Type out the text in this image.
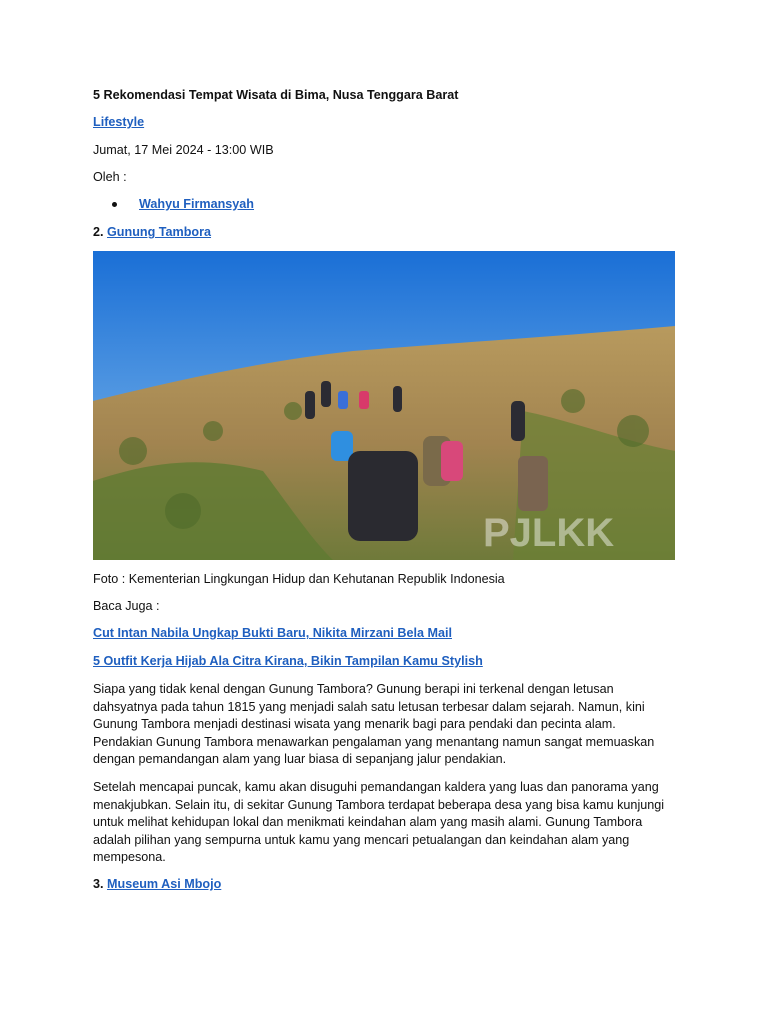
5 Rekomendasi Tempat Wisata di Bima, Nusa Tenggara Barat
Lifestyle
Jumat, 17 Mei 2024 - 13:00 WIB
Oleh :
Wahyu Firmansyah
2. Gunung Tambora
PJLKK
Foto : Kementerian Lingkungan Hidup dan Kehutanan Republik Indonesia
Baca Juga :
Cut Intan Nabila Ungkap Bukti Baru, Nikita Mirzani Bela Mail
5 Outfit Kerja Hijab Ala Citra Kirana, Bikin Tampilan Kamu Stylish
Siapa yang tidak kenal dengan Gunung Tambora? Gunung berapi ini terkenal dengan letusan dahsyatnya pada tahun 1815 yang menjadi salah satu letusan terbesar dalam sejarah. Namun, kini Gunung Tambora menjadi destinasi wisata yang menarik bagi para pendaki dan pecinta alam. Pendakian Gunung Tambora menawarkan pengalaman yang menantang namun sangat memuaskan dengan pemandangan alam yang luar biasa di sepanjang jalur pendakian.
Setelah mencapai puncak, kamu akan disuguhi pemandangan kaldera yang luas dan panorama yang menakjubkan. Selain itu, di sekitar Gunung Tambora terdapat beberapa desa yang bisa kamu kunjungi untuk melihat kehidupan lokal dan menikmati keindahan alam yang masih alami. Gunung Tambora adalah pilihan yang sempurna untuk kamu yang mencari petualangan dan keindahan alam yang mempesona.
3. Museum Asi Mbojo
